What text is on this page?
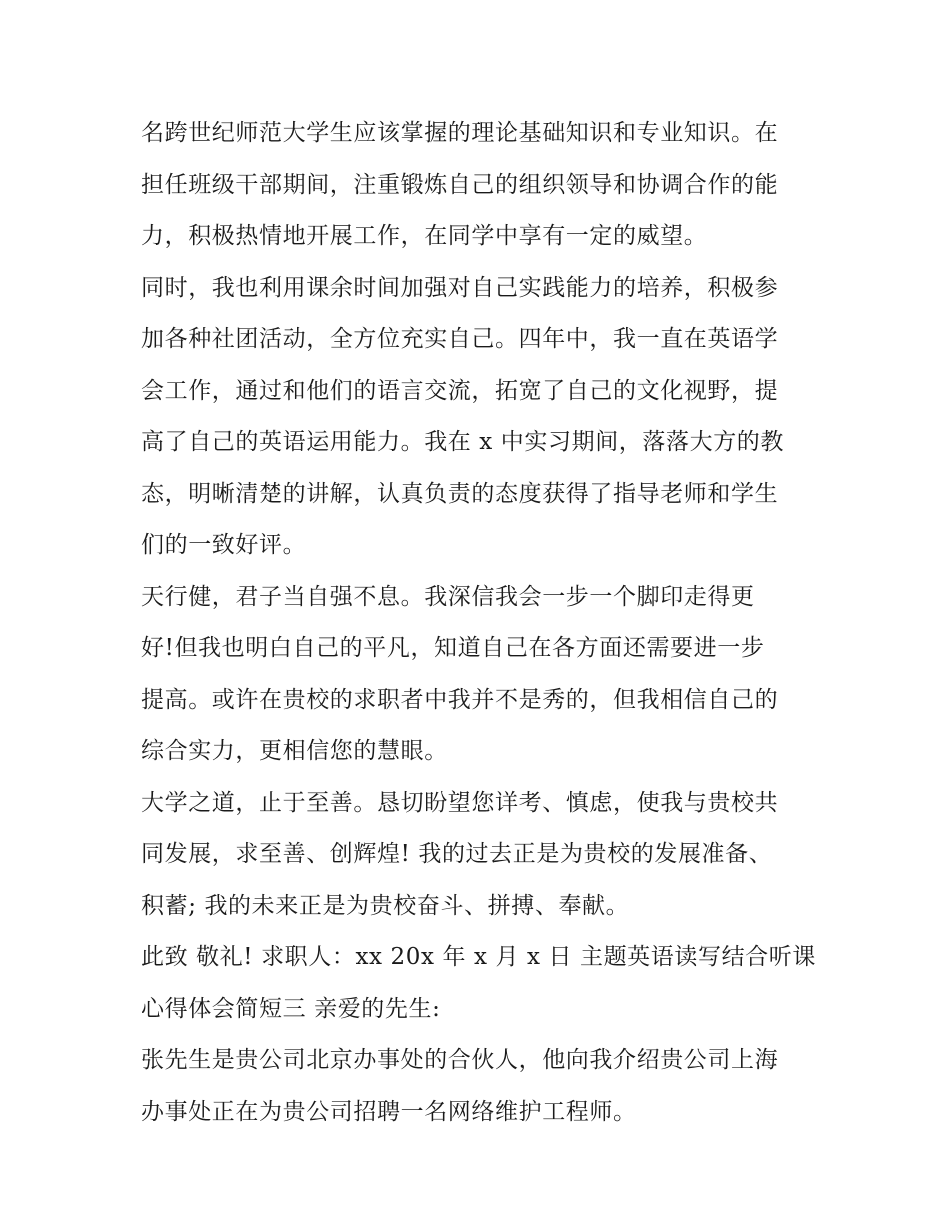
名跨世纪师范大学生应该掌握的理论基础知识和专业知识。在
担任班级干部期间，注重锻炼自己的组织领导和协调合作的能
力，积极热情地开展工作，在同学中享有一定的威望。
同时，我也利用课余时间加强对自己实践能力的培养，积极参
加各种社团活动，全方位充实自己。四年中，我一直在英语学
会工作，通过和他们的语言交流，拓宽了自己的文化视野，提
高了自己的英语运用能力。我在 x 中实习期间，落落大方的教
态，明晰清楚的讲解，认真负责的态度获得了指导老师和学生
们的一致好评。
天行健，君子当自强不息。我深信我会一步一个脚印走得更
好!但我也明白自己的平凡，知道自己在各方面还需要进一步
提高。或许在贵校的求职者中我并不是秀的，但我相信自己的
综合实力，更相信您的慧眼。
大学之道，止于至善。恳切盼望您详考、慎虑，使我与贵校共
同发展，求至善、创辉煌! 我的过去正是为贵校的发展准备、
积蓄; 我的未来正是为贵校奋斗、拼搏、奉献。
此致 敬礼! 求职人：xx 20x 年 x 月 x 日 主题英语读写结合听课
心得体会简短三 亲爱的先生:
张先生是贵公司北京办事处的合伙人，他向我介绍贵公司上海
办事处正在为贵公司招聘一名网络维护工程师。
